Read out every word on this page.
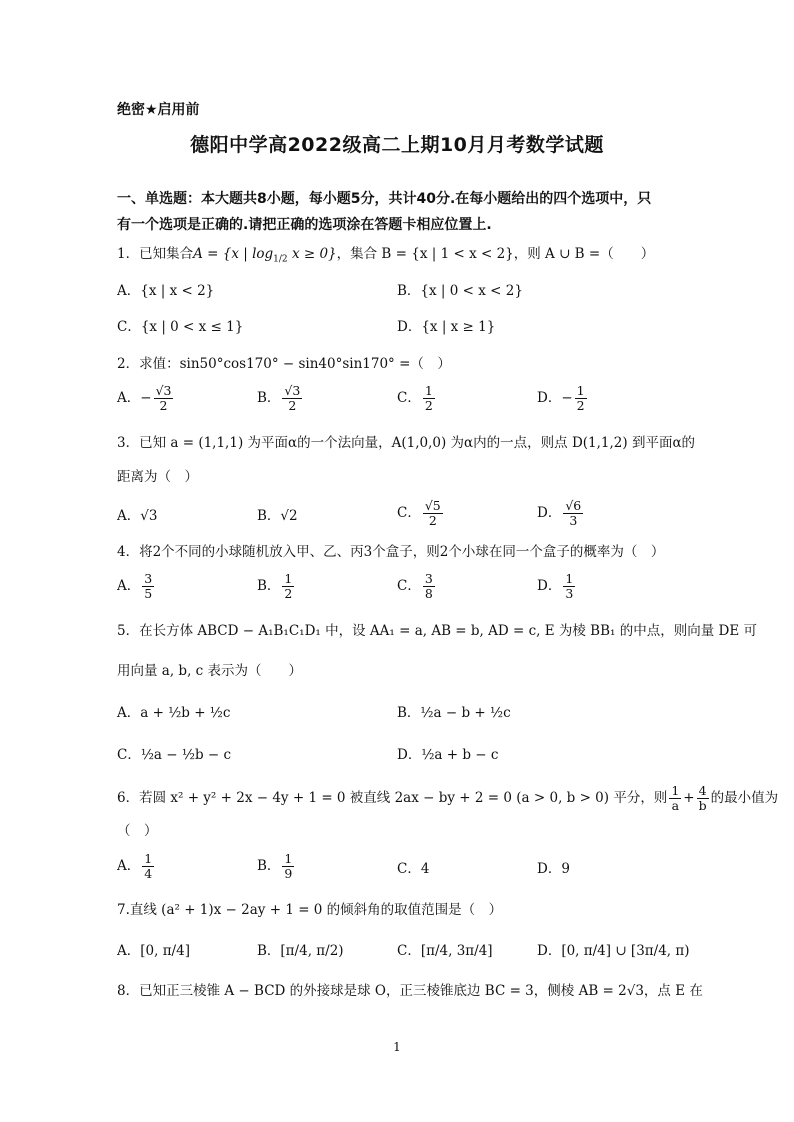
绝密★启用前
德阳中学高2022级高二上期10月月考数学试题
一、单选题：本大题共8小题，每小题5分，共计40分.在每小题给出的四个选项中，只
有一个选项是正确的.请把正确的选项涂在答题卡相应位置上.
1．已知集合A = {x | $\log_{1/2} x \ge 0$}，集合 B = {x | 1 < x < 2}，则 A ∪ B =（　　）
A．{x | x < 2}	B．{x | 0 < x < 2}
C．{x | 0 < x ≤ 1}	D．{x | x ≥ 1}
2．求值：sin50°cos170° − sin40°sin170° =（　）
A．− $\frac{√3}{2}$	B． $\frac{√3}{2}$	C． $\frac{1}{2}$	D．− $\frac{1}{2}$
3．已知 a = (1,1,1) 为平面α的一个法向量，A(1,0,0) 为α内的一点，则点 D(1,1,2) 到平面α的
距离为（　）
A．√3	B．√2	C． $\frac{√5}{2}$	D． $\frac{√6}{3}$
4．将2个不同的小球随机放入甲、乙、丙3个盒子，则2个小球在同一个盒子的概率为（　）
A． $\frac{3}{5}$	B． $\frac{1}{2}$	C． $\frac{3}{8}$	D． $\frac{1}{3}$
5．在长方体 ABCD − A₁B₁C₁D₁ 中，设 AA₁ = a, AB = b, AD = c, E 为棱 BB₁ 的中点，则向量 DE 可
用向量 a, b, c 表示为（　　）
A．a + ½b + ½c	B．½a − b + ½c
C．½a − ½b − c	D．½a + b − c
6．若圆 x² + y² + 2x − 4y + 1 = 0 被直线 2ax − by + 2 = 0 (a > 0, b > 0) 平分，则 $\frac{1}{a} + \frac{4}{b}$ 的最小值为
（　）
A． $\frac{1}{4}$	B． $\frac{1}{9}$	C．4	D．9
7.直线 (a² + 1)x − 2ay + 1 = 0 的倾斜角的取值范围是（　）
A．[0, π/4]	B．[π/4, π/2)	C．[π/4, 3π/4]	D．[0, π/4] ∪ [3π/4, π)
8．已知正三棱锥 A − BCD 的外接球是球 O，正三棱锥底边 BC = 3，侧棱 AB = 2√3，点 E 在
1
